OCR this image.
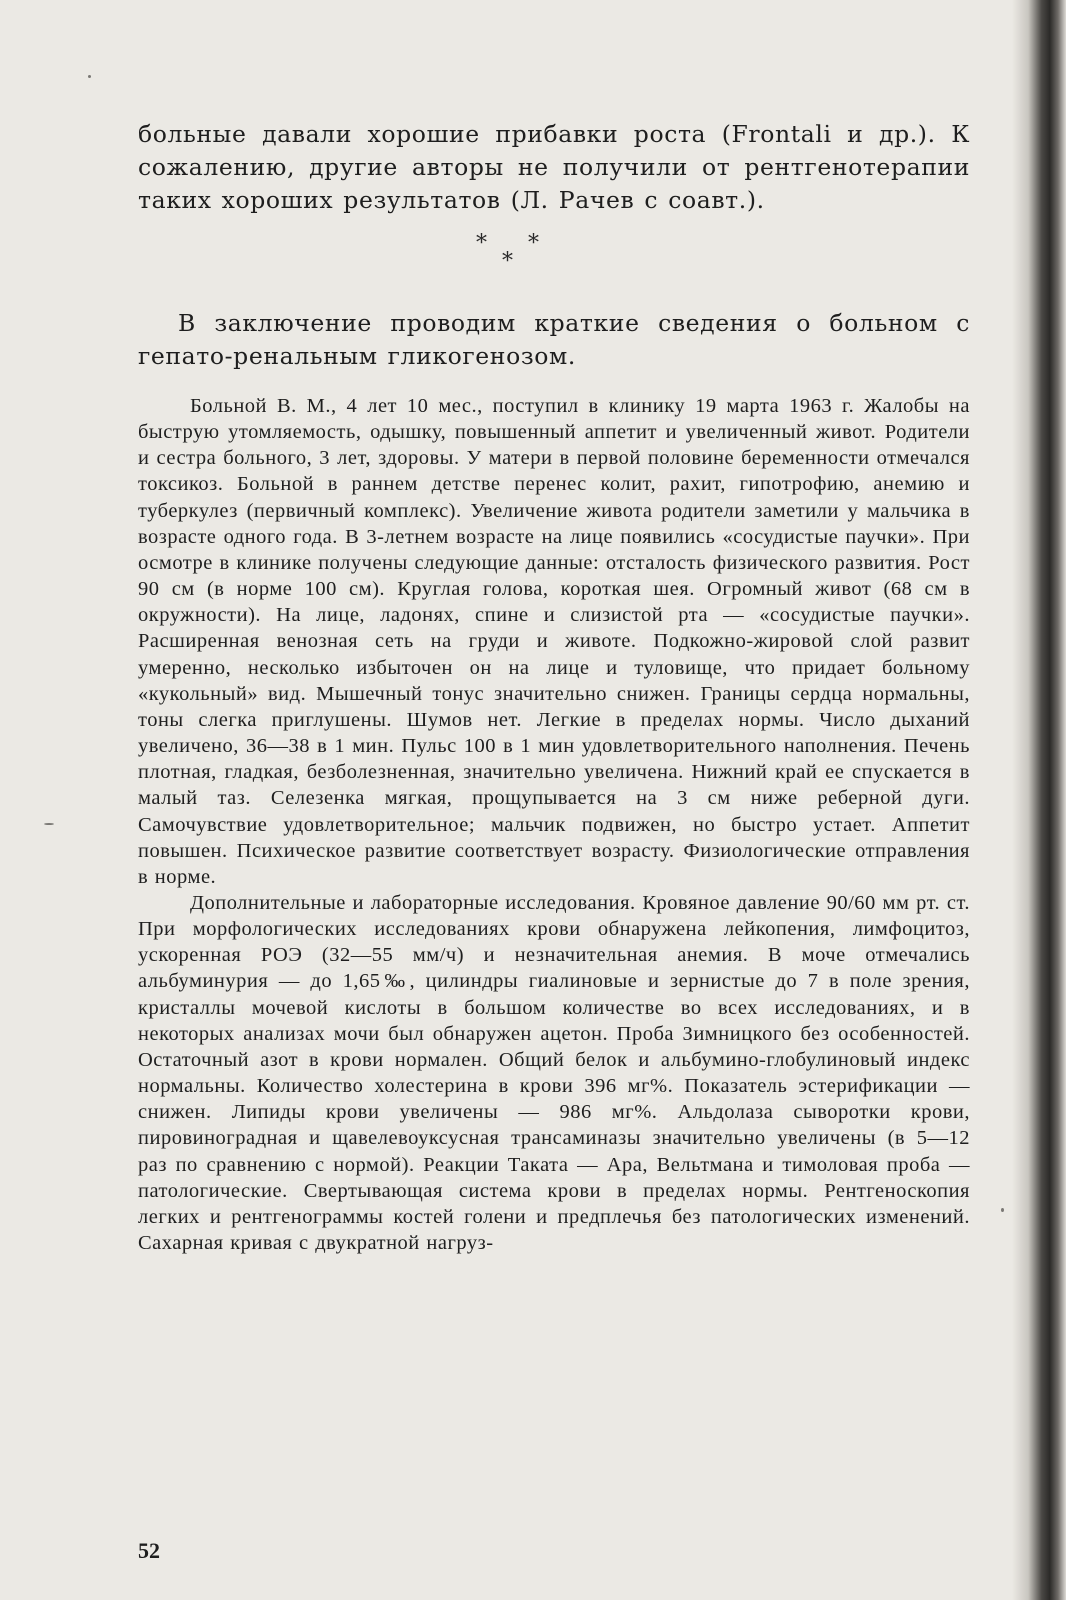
больные давали хорошие прибавки роста (Frontali и др.). К сожалению, другие авторы не получили от рентгенотерапии таких хороших результатов (Л. Рачев с соавт.).

* *
*

В заключение проводим краткие сведения о больном с гепато-ренальным гликогенозом.

Больной В. М., 4 лет 10 мес., поступил в клинику 19 марта 1963 г. Жалобы на быструю утомляемость, одышку, повышенный аппетит и увеличенный живот. Родители и сестра больного, 3 лет, здоровы. У матери в первой половине беременности отмечался токсикоз. Больной в раннем детстве перенес колит, рахит, гипотрофию, анемию и туберкулез (первичный комплекс). Увеличение живота родители заметили у мальчика в возрасте одного года. В 3-летнем возрасте на лице появились «сосудистые паучки». При осмотре в клинике получены следующие данные: отсталость физического развития. Рост 90 см (в норме 100 см). Круглая голова, короткая шея. Огромный живот (68 см в окружности). На лице, ладонях, спине и слизистой рта — «сосудистые паучки». Расширенная венозная сеть на груди и животе. Подкожно-жировой слой развит умеренно, несколько избыточен он на лице и туловище, что придает больному «кукольный» вид. Мышечный тонус значительно снижен. Границы сердца нормальны, тоны слегка приглушены. Шумов нет. Легкие в пределах нормы. Число дыханий увеличено, 36—38 в 1 мин. Пульс 100 в 1 мин удовлетворительного наполнения. Печень плотная, гладкая, безболезненная, значительно увеличена. Нижний край ее спускается в малый таз. Селезенка мягкая, прощупывается на 3 см ниже реберной дуги. Самочувствие удовлетворительное; мальчик подвижен, но быстро устает. Аппетит повышен. Психическое развитие соответствует возрасту. Физиологические отправления в норме.

Дополнительные и лабораторные исследования. Кровяное давление 90/60 мм рт. ст. При морфологических исследованиях крови обнаружена лейкопения, лимфоцитоз, ускоренная РОЭ (32—55 мм/ч) и незначительная анемия. В моче отмечались альбуминурия — до 1,65‰, цилиндры гиалиновые и зернистые до 7 в поле зрения, кристаллы мочевой кислоты в большом количестве во всех исследованиях, и в некоторых анализах мочи был обнаружен ацетон. Проба Зимницкого без особенностей. Остаточный азот в крови нормален. Общий белок и альбумино-глобулиновый индекс нормальны. Количество холестерина в крови 396 мг%. Показатель эстерификации — снижен. Липиды крови увеличены — 986 мг%. Альдолаза сыворотки крови, пировиноградная и щавелевоуксусная трансаминазы значительно увеличены (в 5—12 раз по сравнению с нормой). Реакции Таката — Ара, Вельтмана и тимоловая проба — патологические. Свертывающая система крови в пределах нормы. Рентгеноскопия легких и рентгенограммы костей голени и предплечья без патологических изменений. Сахарная кривая с двукратной нагруз-

52
